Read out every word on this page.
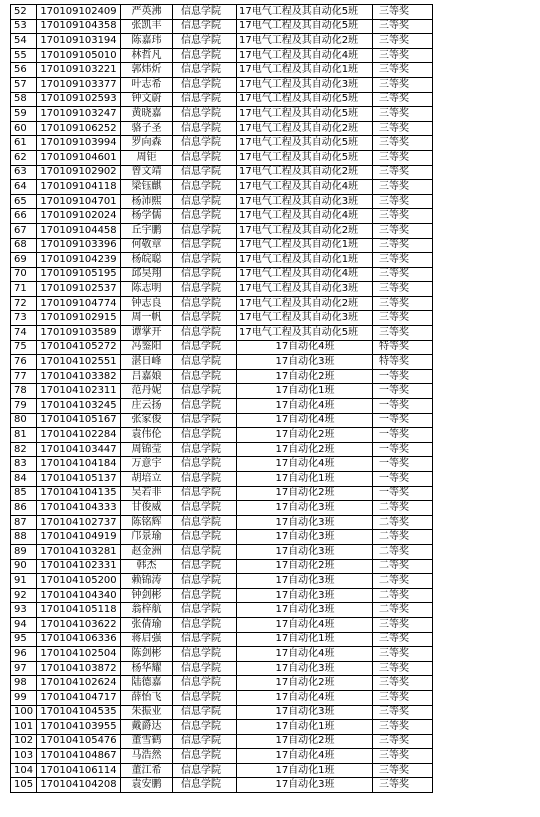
52	170109102409	严英沸	信息学院	17电气工程及其自动化5班	三等奖
53	170109104358	张凯丰	信息学院	17电气工程及其自动化5班	三等奖
54	170109103194	陈嘉玮	信息学院	17电气工程及其自动化2班	三等奖
55	170109105010	林哲凡	信息学院	17电气工程及其自动化4班	三等奖
56	170109103221	郭炜炘	信息学院	17电气工程及其自动化1班	三等奖
57	170109103377	叶志希	信息学院	17电气工程及其自动化3班	三等奖
58	170109102593	钟文蔚	信息学院	17电气工程及其自动化5班	三等奖
59	170109103247	黄晓嘉	信息学院	17电气工程及其自动化5班	三等奖
60	170109106252	骆子圣	信息学院	17电气工程及其自动化2班	三等奖
61	170109103994	罗向森	信息学院	17电气工程及其自动化5班	三等奖
62	170109104601	周钜	信息学院	17电气工程及其自动化5班	三等奖
63	170109102902	曾文靖	信息学院	17电气工程及其自动化2班	三等奖
64	170109104118	梁钰麒	信息学院	17电气工程及其自动化4班	三等奖
65	170109104701	杨沛熙	信息学院	17电气工程及其自动化3班	三等奖
66	170109102024	杨学儒	信息学院	17电气工程及其自动化4班	三等奖
67	170109104458	丘宇鹏	信息学院	17电气工程及其自动化2班	三等奖
68	170109103396	何敬章	信息学院	17电气工程及其自动化1班	三等奖
69	170109104239	杨皖聪	信息学院	17电气工程及其自动化1班	三等奖
70	170109105195	邱昊翔	信息学院	17电气工程及其自动化4班	三等奖
71	170109102537	陈志明	信息学院	17电气工程及其自动化3班	三等奖
72	170109104774	钟志良	信息学院	17电气工程及其自动化2班	三等奖
73	170109102915	周一帆	信息学院	17电气工程及其自动化3班	三等奖
74	170109103589	谭掌开	信息学院	17电气工程及其自动化5班	三等奖
75	170104105272	冯鉴阳	信息学院	17自动化4班	特等奖
76	170104102551	湛日峰	信息学院	17自动化3班	特等奖
77	170104103382	吕嘉娘	信息学院	17自动化2班	一等奖
78	170104102311	范丹妮	信息学院	17自动化1班	一等奖
79	170104103245	庄云扬	信息学院	17自动化4班	一等奖
80	170104105167	张家俊	信息学院	17自动化4班	一等奖
81	170104102284	袁伟伦	信息学院	17自动化2班	一等奖
82	170104103447	周锦莹	信息学院	17自动化2班	一等奖
83	170104104184	万意宇	信息学院	17自动化4班	一等奖
84	170104105137	胡培立	信息学院	17自动化1班	一等奖
85	170104104135	吴若非	信息学院	17自动化2班	一等奖
86	170104104333	甘俊威	信息学院	17自动化3班	二等奖
87	170104102737	陈铭辉	信息学院	17自动化3班	二等奖
88	170104104919	邝景瑜	信息学院	17自动化3班	二等奖
89	170104103281	赵金洲	信息学院	17自动化3班	二等奖
90	170104102331	韩杰	信息学院	17自动化2班	二等奖
91	170104105200	赖锦涛	信息学院	17自动化3班	二等奖
92	170104104340	钟剑彬	信息学院	17自动化3班	二等奖
93	170104105118	翁梓航	信息学院	17自动化3班	二等奖
94	170104103622	张倩瑜	信息学院	17自动化4班	三等奖
95	170104106336	蒋启强	信息学院	17自动化1班	三等奖
96	170104102504	陈剑彬	信息学院	17自动化4班	三等奖
97	170104103872	杨华耀	信息学院	17自动化3班	三等奖
98	170104102624	陆德嘉	信息学院	17自动化2班	三等奖
99	170104104717	薛怡飞	信息学院	17自动化4班	三等奖
100	170104104535	朱振业	信息学院	17自动化3班	三等奖
101	170104103955	戴爵达	信息学院	17自动化1班	三等奖
102	170104105476	董雪鹤	信息学院	17自动化2班	三等奖
103	170104104867	马浩然	信息学院	17自动化4班	三等奖
104	170104106114	董江希	信息学院	17自动化1班	三等奖
105	170104104208	袁安鹏	信息学院	17自动化3班	三等奖
